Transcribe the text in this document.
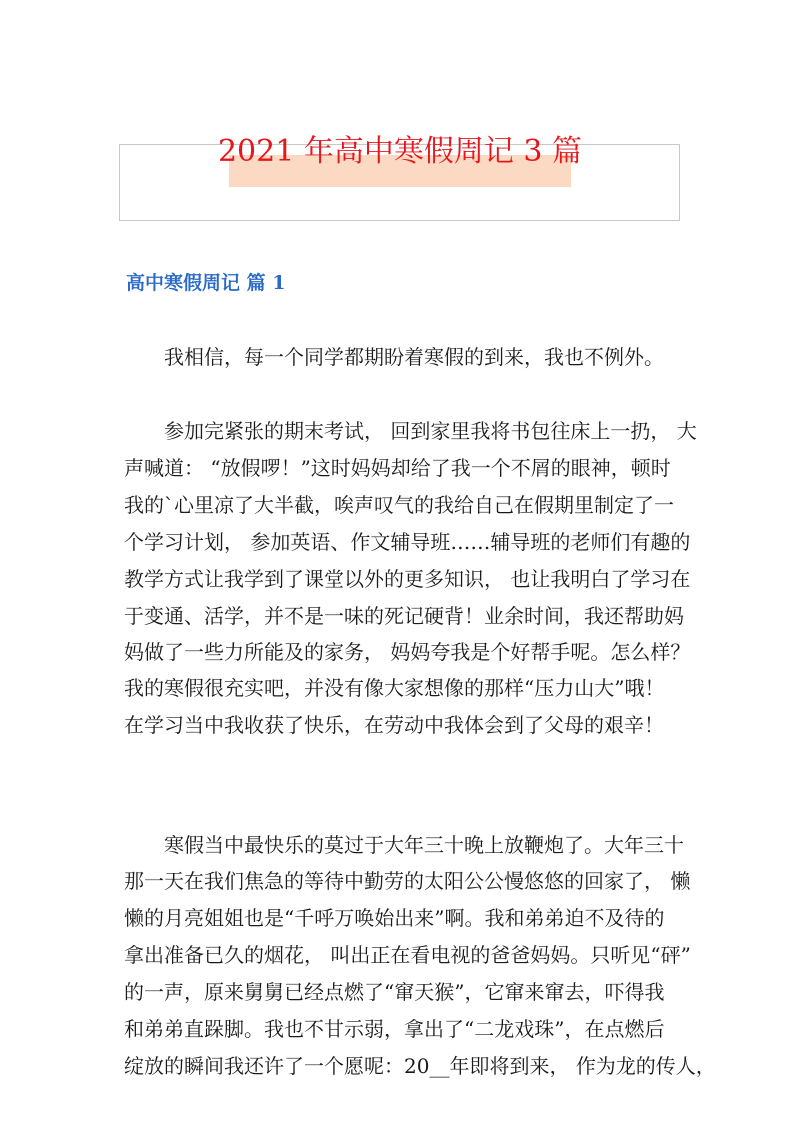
2021 年高中寒假周记 3 篇
高中寒假周记 篇 1
我相信，每一个同学都期盼着寒假的到来，我也不例外。
参加完紧张的期末考试， 回到家里我将书包往床上一扔， 大
声喊道： “放假啰！”这时妈妈却给了我一个不屑的眼神，顿时
我的`心里凉了大半截，唉声叹气的我给自己在假期里制定了一
个学习计划， 参加英语、作文辅导班……辅导班的老师们有趣的
教学方式让我学到了课堂以外的更多知识， 也让我明白了学习在
于变通、活学，并不是一味的死记硬背！业余时间，我还帮助妈
妈做了一些力所能及的家务， 妈妈夸我是个好帮手呢。怎么样？
我的寒假很充实吧，并没有像大家想像的那样“压力山大”哦！
在学习当中我收获了快乐，在劳动中我体会到了父母的艰辛！
寒假当中最快乐的莫过于大年三十晚上放鞭炮了。大年三十
那一天在我们焦急的等待中勤劳的太阳公公慢悠悠的回家了， 懒
懒的月亮姐姐也是“千呼万唤始出来”啊。我和弟弟迫不及待的
拿出准备已久的烟花， 叫出正在看电视的爸爸妈妈。只听见“砰”
的一声，原来舅舅已经点燃了“窜天猴”，它窜来窜去，吓得我
和弟弟直跺脚。我也不甘示弱，拿出了“二龙戏珠”，在点燃后
绽放的瞬间我还许了一个愿呢：20__年即将到来， 作为龙的传人，
